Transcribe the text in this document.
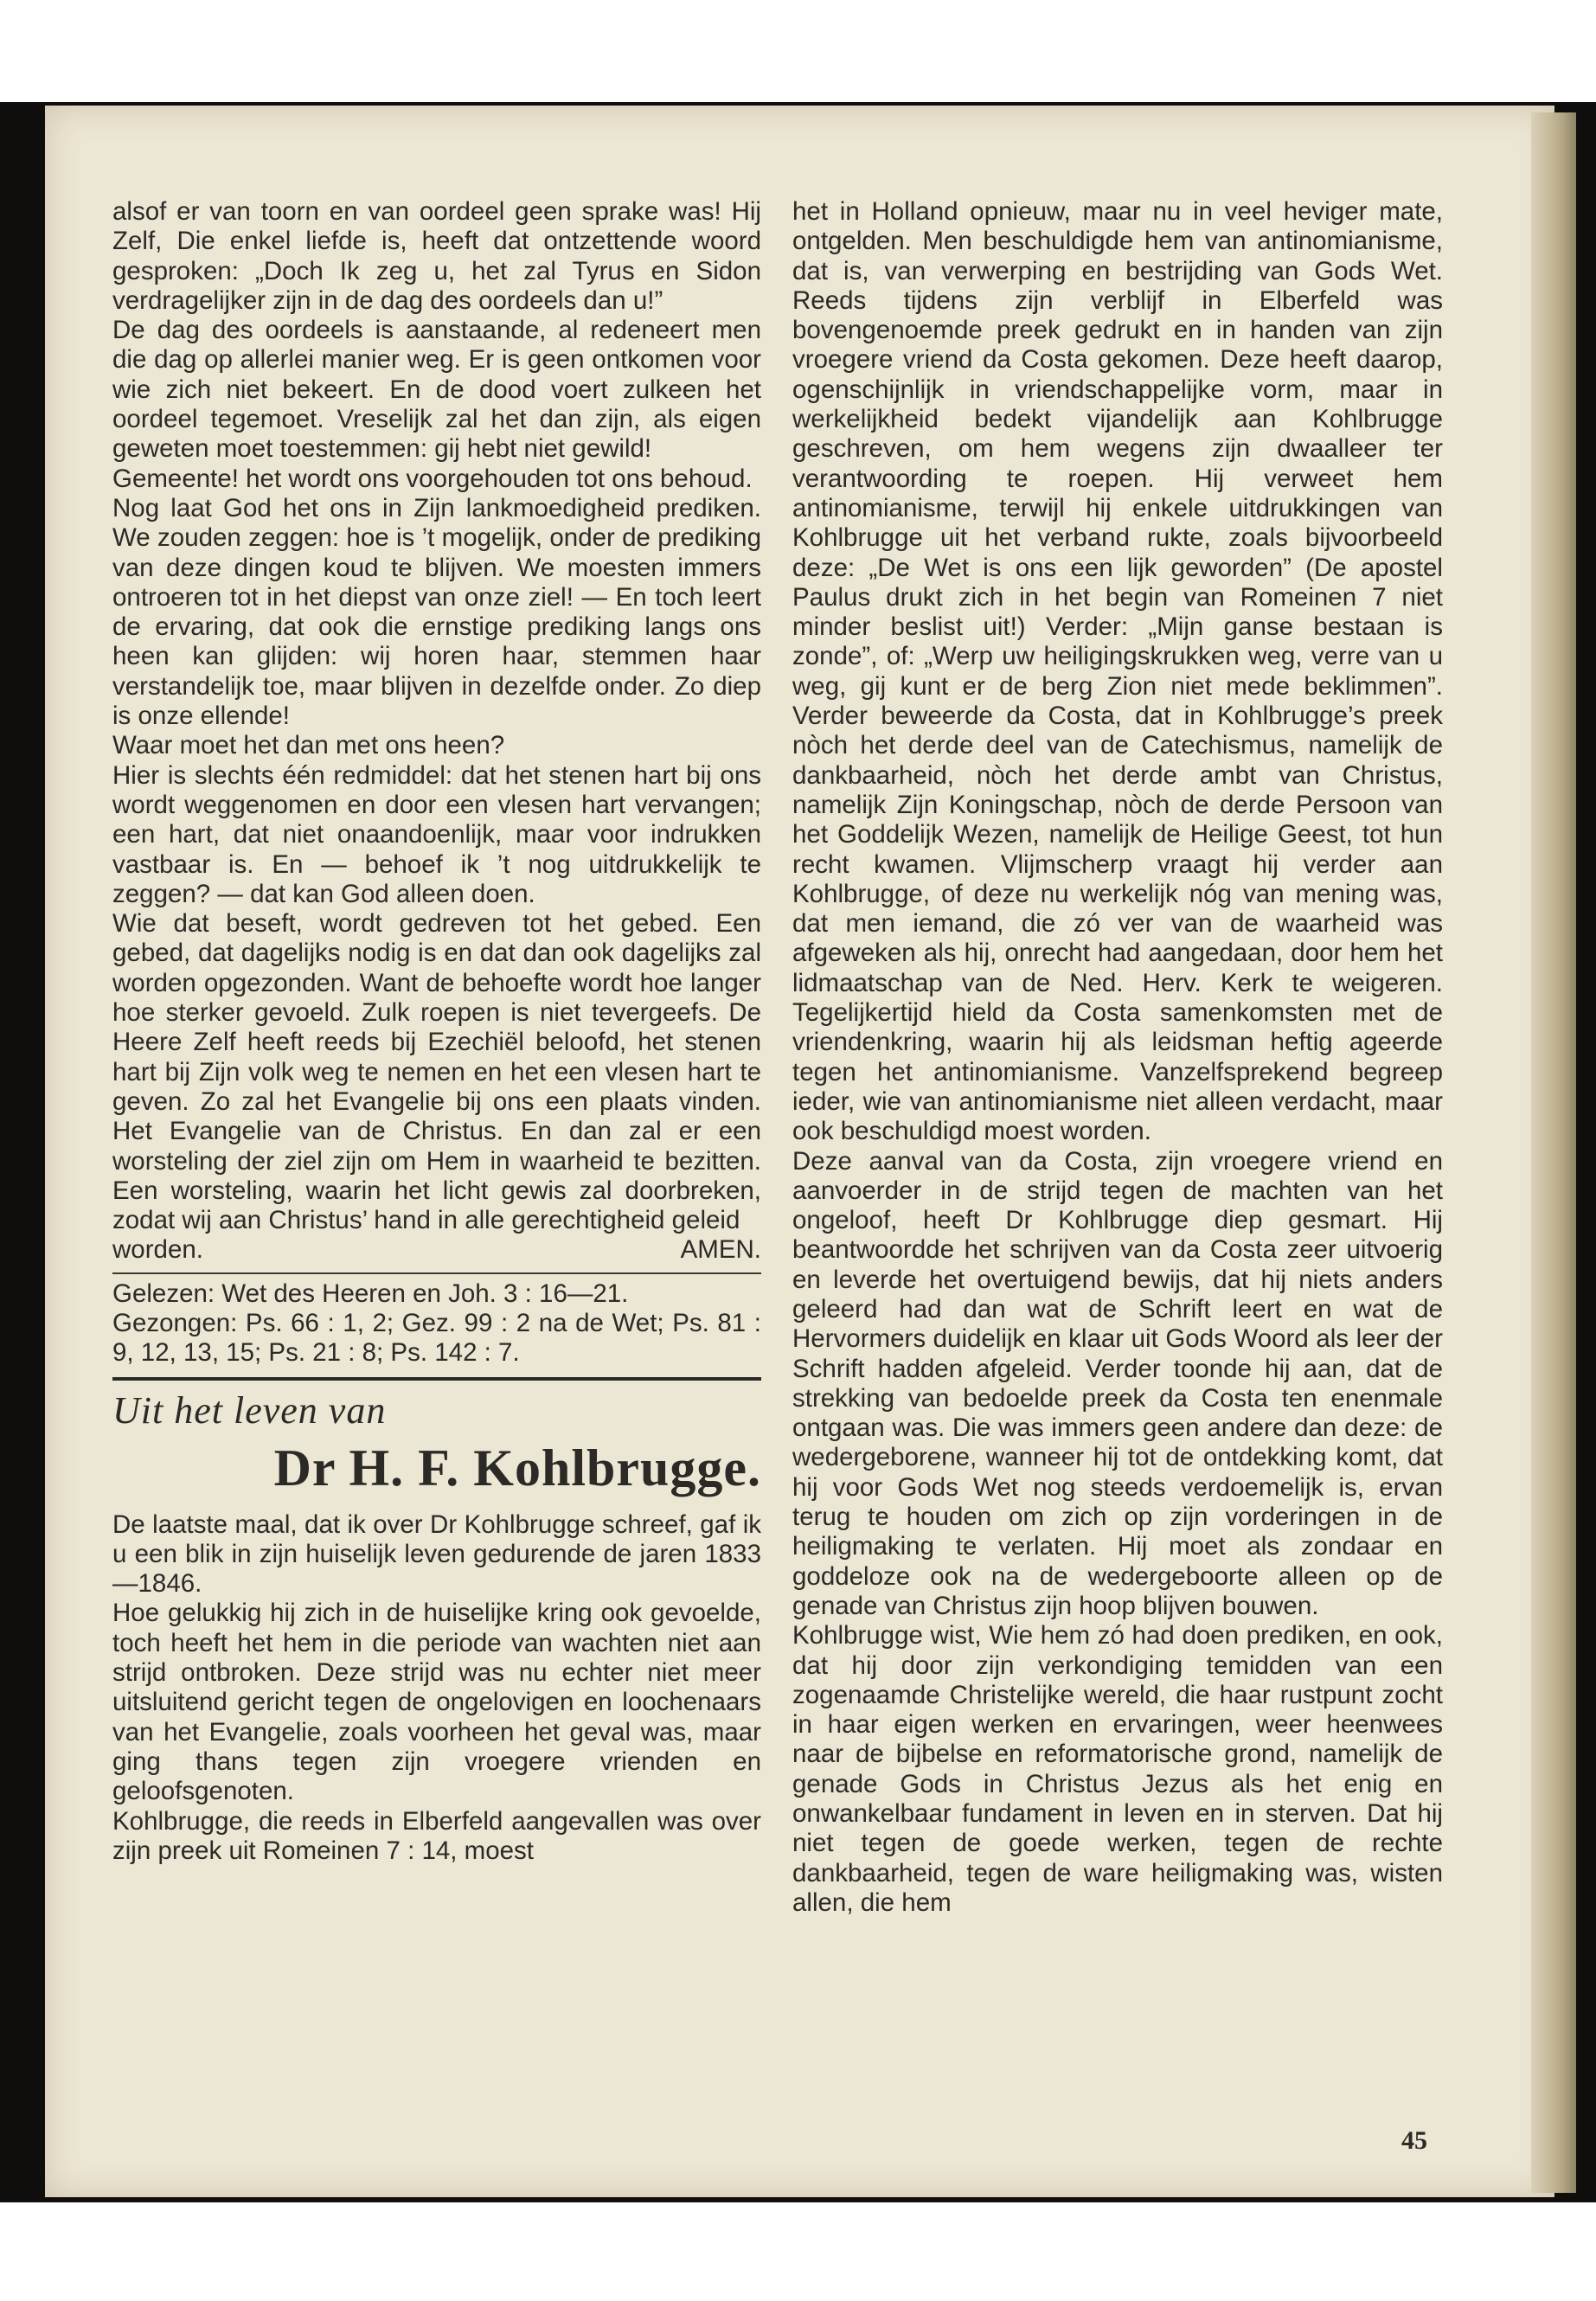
alsof er van toorn en van oordeel geen sprake was! Hij Zelf, Die enkel liefde is, heeft dat ontzettende woord gesproken: „Doch Ik zeg u, het zal Tyrus en Sidon verdragelijker zijn in de dag des oordeels dan u!”

De dag des oordeels is aanstaande, al redeneert men die dag op allerlei manier weg. Er is geen ontkomen voor wie zich niet bekeert. En de dood voert zulkeen het oordeel tegemoet. Vreselijk zal het dan zijn, als eigen geweten moet toestemmen: gij hebt niet gewild!

Gemeente! het wordt ons voorgehouden tot ons behoud.

Nog laat God het ons in Zijn lankmoedigheid prediken. We zouden zeggen: hoe is ’t mogelijk, onder de prediking van deze dingen koud te blijven. We moesten immers ontroeren tot in het diepst van onze ziel! — En toch leert de ervaring, dat ook die ernstige prediking langs ons heen kan glijden: wij horen haar, stemmen haar verstandelijk toe, maar blijven in dezelfde onder. Zo diep is onze ellende!

Waar moet het dan met ons heen?

Hier is slechts één redmiddel: dat het stenen hart bij ons wordt weggenomen en door een vlesen hart vervangen; een hart, dat niet onaandoenlijk, maar voor indrukken vastbaar is. En — behoef ik ’t nog uitdrukkelijk te zeggen? — dat kan God alleen doen.

Wie dat beseft, wordt gedreven tot het gebed. Een gebed, dat dagelijks nodig is en dat dan ook dagelijks zal worden opgezonden. Want de behoefte wordt hoe langer hoe sterker gevoeld. Zulk roepen is niet tevergeefs. De Heere Zelf heeft reeds bij Ezechiël beloofd, het stenen hart bij Zijn volk weg te nemen en het een vlesen hart te geven. Zo zal het Evangelie bij ons een plaats vinden. Het Evangelie van de Christus. En dan zal er een worsteling der ziel zijn om Hem in waarheid te bezitten. Een worsteling, waarin het licht gewis zal doorbreken, zodat wij aan Christus’ hand in alle gerechtigheid geleid

worden.	AMEN.

Gelezen: Wet des Heeren en Joh. 3 : 16—21.

Gezongen: Ps. 66 : 1, 2; Gez. 99 : 2 na de Wet; Ps. 81 : 9, 12, 13, 15; Ps. 21 : 8; Ps. 142 : 7.

Uit het leven van
Dr H. F. Kohlbrugge.

De laatste maal, dat ik over Dr Kohlbrugge schreef, gaf ik u een blik in zijn huiselijk leven gedurende de jaren 1833—1846.

Hoe gelukkig hij zich in de huiselijke kring ook gevoelde, toch heeft het hem in die periode van wachten niet aan strijd ontbroken. Deze strijd was nu echter niet meer uitsluitend gericht tegen de ongelovigen en loochenaars van het Evangelie, zoals voorheen het geval was, maar ging thans tegen zijn vroegere vrienden en geloofsgenoten.

Kohlbrugge, die reeds in Elberfeld aangevallen was over zijn preek uit Romeinen 7 : 14, moest

het in Holland opnieuw, maar nu in veel heviger mate, ontgelden. Men beschuldigde hem van antinomianisme, dat is, van verwerping en bestrijding van Gods Wet. Reeds tijdens zijn verblijf in Elberfeld was bovengenoemde preek gedrukt en in handen van zijn vroegere vriend da Costa gekomen. Deze heeft daarop, ogenschijnlijk in vriendschappelijke vorm, maar in werkelijkheid bedekt vijandelijk aan Kohlbrugge geschreven, om hem wegens zijn dwaalleer ter verantwoording te roepen. Hij verweet hem antinomianisme, terwijl hij enkele uitdrukkingen van Kohlbrugge uit het verband rukte, zoals bijvoorbeeld deze: „De Wet is ons een lijk geworden” (De apostel Paulus drukt zich in het begin van Romeinen 7 niet minder beslist uit!) Verder: „Mijn ganse bestaan is zonde”, of: „Werp uw heiligingskrukken weg, verre van u weg, gij kunt er de berg Zion niet mede beklimmen”. Verder beweerde da Costa, dat in Kohlbrugge’s preek nòch het derde deel van de Catechismus, namelijk de dankbaarheid, nòch het derde ambt van Christus, namelijk Zijn Koningschap, nòch de derde Persoon van het Goddelijk Wezen, namelijk de Heilige Geest, tot hun recht kwamen. Vlijmscherp vraagt hij verder aan Kohlbrugge, of deze nu werkelijk nóg van mening was, dat men iemand, die zó ver van de waarheid was afgeweken als hij, onrecht had aangedaan, door hem het lidmaatschap van de Ned. Herv. Kerk te weigeren. Tegelijkertijd hield da Costa samenkomsten met de vriendenkring, waarin hij als leidsman heftig ageerde tegen het antinomianisme. Vanzelfsprekend begreep ieder, wie van antinomianisme niet alleen verdacht, maar ook beschuldigd moest worden.

Deze aanval van da Costa, zijn vroegere vriend en aanvoerder in de strijd tegen de machten van het ongeloof, heeft Dr Kohlbrugge diep gesmart. Hij beantwoordde het schrijven van da Costa zeer uitvoerig en leverde het overtuigend bewijs, dat hij niets anders geleerd had dan wat de Schrift leert en wat de Hervormers duidelijk en klaar uit Gods Woord als leer der Schrift hadden afgeleid. Verder toonde hij aan, dat de strekking van bedoelde preek da Costa ten enenmale ontgaan was. Die was immers geen andere dan deze: de wedergeborene, wanneer hij tot de ontdekking komt, dat hij voor Gods Wet nog steeds verdoemelijk is, ervan terug te houden om zich op zijn vorderingen in de heiligmaking te verlaten. Hij moet als zondaar en goddeloze ook na de wedergeboorte alleen op de genade van Christus zijn hoop blijven bouwen.

Kohlbrugge wist, Wie hem zó had doen prediken, en ook, dat hij door zijn verkondiging temidden van een zogenaamde Christelijke wereld, die haar rustpunt zocht in haar eigen werken en ervaringen, weer heenwees naar de bijbelse en reformatorische grond, namelijk de genade Gods in Christus Jezus als het enig en onwankelbaar fundament in leven en in sterven. Dat hij niet tegen de goede werken, tegen de rechte dankbaarheid, tegen de ware heiligmaking was, wisten allen, die hem

45
